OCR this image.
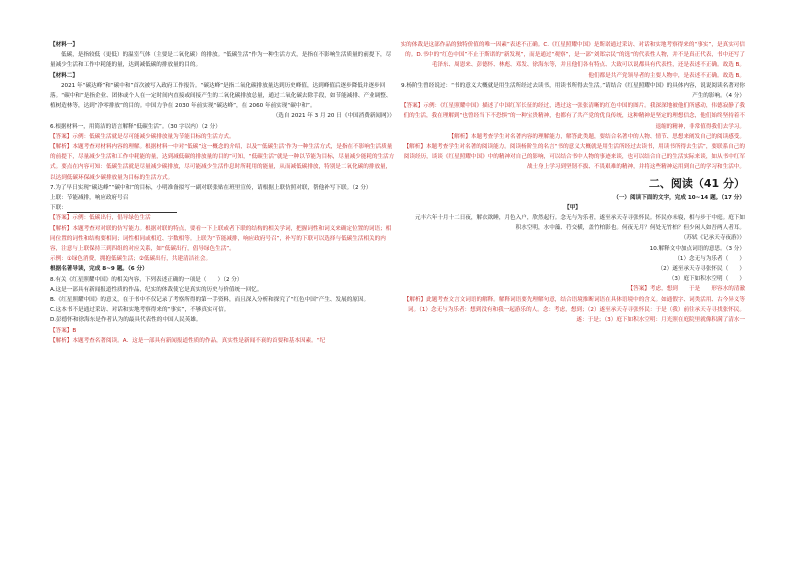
【材料一】

低碳，是指较低（更低）的温室气体（主要是二氧化碳）的排放。“低碳生活”作为一种生活方式，是指在不影响生活质量的前提下，尽量减少生活和工作中耗能的量，达到减低碳的排放量的目的。

【材料二】

2021 年“碳达峰”和“碳中和”首次被写入政府工作报告。“碳达峰”是指二氧化碳排放量达到历史峰值，达到峰值后逐步降低并逐步回落。“碳中和”是指企业、团体或个人在一定时间内直接或间接产生的二氧化碳排放总量，通过二氧化碳去除手段，如节能减排、产业调整、植树造林等，达到“净零排放”的目的。中国力争在 2030 年前实现“碳达峰”，在 2060 年前实现“碳中和”。

（选自 2021 年 3 月 20 日《中国消费新闻网》）

6.根据材料一，用简洁的语言解释“低碳生活”。（30 字以内）（2 分）

【答案】示例：低碳生活就是尽可能减少碳排放量为节能目标的生活方式。

【解析】本题考查对材料内容的理解。根据材料一中对“低碳”这一概念的介绍，以及“‘低碳生活’作为一种生活方式，是指在不影响生活质量的前提下，尽量减少生活和工作中耗能的量，达到减低碳的排放量的目的”可知，“低碳生活”就是一种以节能为目标，尽量减少能耗的生活方式。要点在内容可知：低碳生活就是尽量减少碳排放，尽可能减少生活作息时所耗用的能量，从而减低碳排放，特别是二氧化碳的排放量，以达到低碳环保减少碳排放量为目标的生活方式。

7.为了早日实现“碳达峰”“碳中和”的目标，小明准备拟写一副对联张贴在班里宣传，请根据上联仿照对联，帮他补写下联。（2 分）

上联：节能减排，响应政府号召

下联：

【答案】示例：低碳出行，倡导绿色生活

【解析】本题考查对对联的仿写能力。根据对联的特点，要看一下上联或者下联的结构的相关学词，把握词性和词义来确定位置的词语；相同位置的词性和结构要相同；词性相同或相近、字数相等。上联为“节能减排，响应政府号召”，补写的下联可以选择与低碳生活相关的内容，注意与上联保持三到四组的对应关系，如“低碳出行，倡导绿色生活”。

示例：①绿色消费，拥抱低碳生活；②低碳出行，共建清洁社会。

根据名著导读，完成 8~9 题。（6 分）

8.有关《红星照耀中国》的相关内容，下列表述正确的一项是（　　）（2 分）

A.这是一部具有新闻报道性质的作品，纪实的体裁使它是真实的历史与价值统一回忆。

B.《红星照耀中国》的意义，在于书中不仅记录了考察所得的第一手资料，而且深入分析和探究了“红色中国”产生、发展的原因。

C.这本书不是通过采访、对话和实地考察得来的“事实”，不够真实可信。

D.彭德怀和徐海东是作者认为的最具代表性的中国人民英雄。

【答案】B

【解析】本题考查名著阅读。A．这是一部具有新闻报道性质的作品，真实性是新闻不衰的首要和基本因素。“纪

实的体裁是这部作品的独特价值的唯一因素”表述不正确。C.《红星照耀中国》是斯诺通过采访、对话和实地考察得来的“事实”，是真实可信的。D.书中的“红色中国”不止于斯诺的“新发现”，而是通过“观察”，是一部“刘郑宗民”的选“的代表性人物，并不是真正代表，书中还写了毛泽东、周恩来、彭德怀、林彪、邓发、徐海东等，并且他们各有特点、大致可以说都具有代表性，还是表述不正确。故选 B。

他们都是共产党领导者的主要人物中，是表述不正确。故选 B。

9.杨阶生曾经说过：“书的意义大概就是用生活所经过去读书，用读书所得去生活。”请结合《红星照耀中国》的具体内容，说说阅读名著对你产生的影响。（4 分）

【答案】示例：《红星照耀中国》描述了中国红军长征的经过，透过这一张张清晰的红色中国的图片。我深深地被他们所感动，伟德寂静了我们的生活，我在理解到“也曾经当下不恐惧”的一种宝贵精神，也都有了共产党的优良传统，这种精神是坚定的理想信念，他们始终坚持着不退缩的精神，非常值得我们去学习。

【解析】本题考查学生对名著内容的理解能力，解答此类题，要结合名著中的人物、情节、思想来阐发自己的阅读感受。

【解析】本题考查学生对名著的阅读能力。阅读杨阶生的名言“书的意义大概就是用生活所经过去读书，用读书所得去生活”，要联系自己的阅读经历，谈谈《红星照耀中国》中的精神对自己的影响，可以结合书中人物的事迹来谈，也可以结合自己的生活实际来谈，如从书中红军战士身上学习到坚韧不拔、不畏艰难的精神，并将这些精神运用到自己的学习和生活中。

二、阅读（41 分）

（一）阅读下面的文字，完成 10~14 题。（17 分）

【甲】

元丰六年十月十二日夜，解衣欲睡，月色入户，欣然起行。念无与为乐者，遂至承天寺寻张怀民。怀民亦未寝，相与步于中庭。庭下如积水空明，水中藻、荇交横，盖竹柏影也。何夜无月？何处无竹柏？但少闲人如吾两人者耳。

（苏轼《记承天寺夜游》）

10.解释文中加点词语的意思。（3 分）

（1）念无与为乐者（　　）

（2）遂至承天寺寻张怀民（　　）

（3）庭下如积水空明（　　）

【答案】考虑，想到　　于是　　形容水的清澈

【解析】此题考查文言文词语的解释。解释词语要先理解句意，结合语境推断词语在具体语境中的含义。如通假字、词类活用、古今异义等词。（1）念无与为乐者：想到没有和我一起游乐的人。念：考虑，想到；（2）遂至承天寺寻张怀民：于是（我）前往承天寺寻找张怀民。遂：于是；（3）庭下如积水空明：月光照在庭院里就像积满了清水一
